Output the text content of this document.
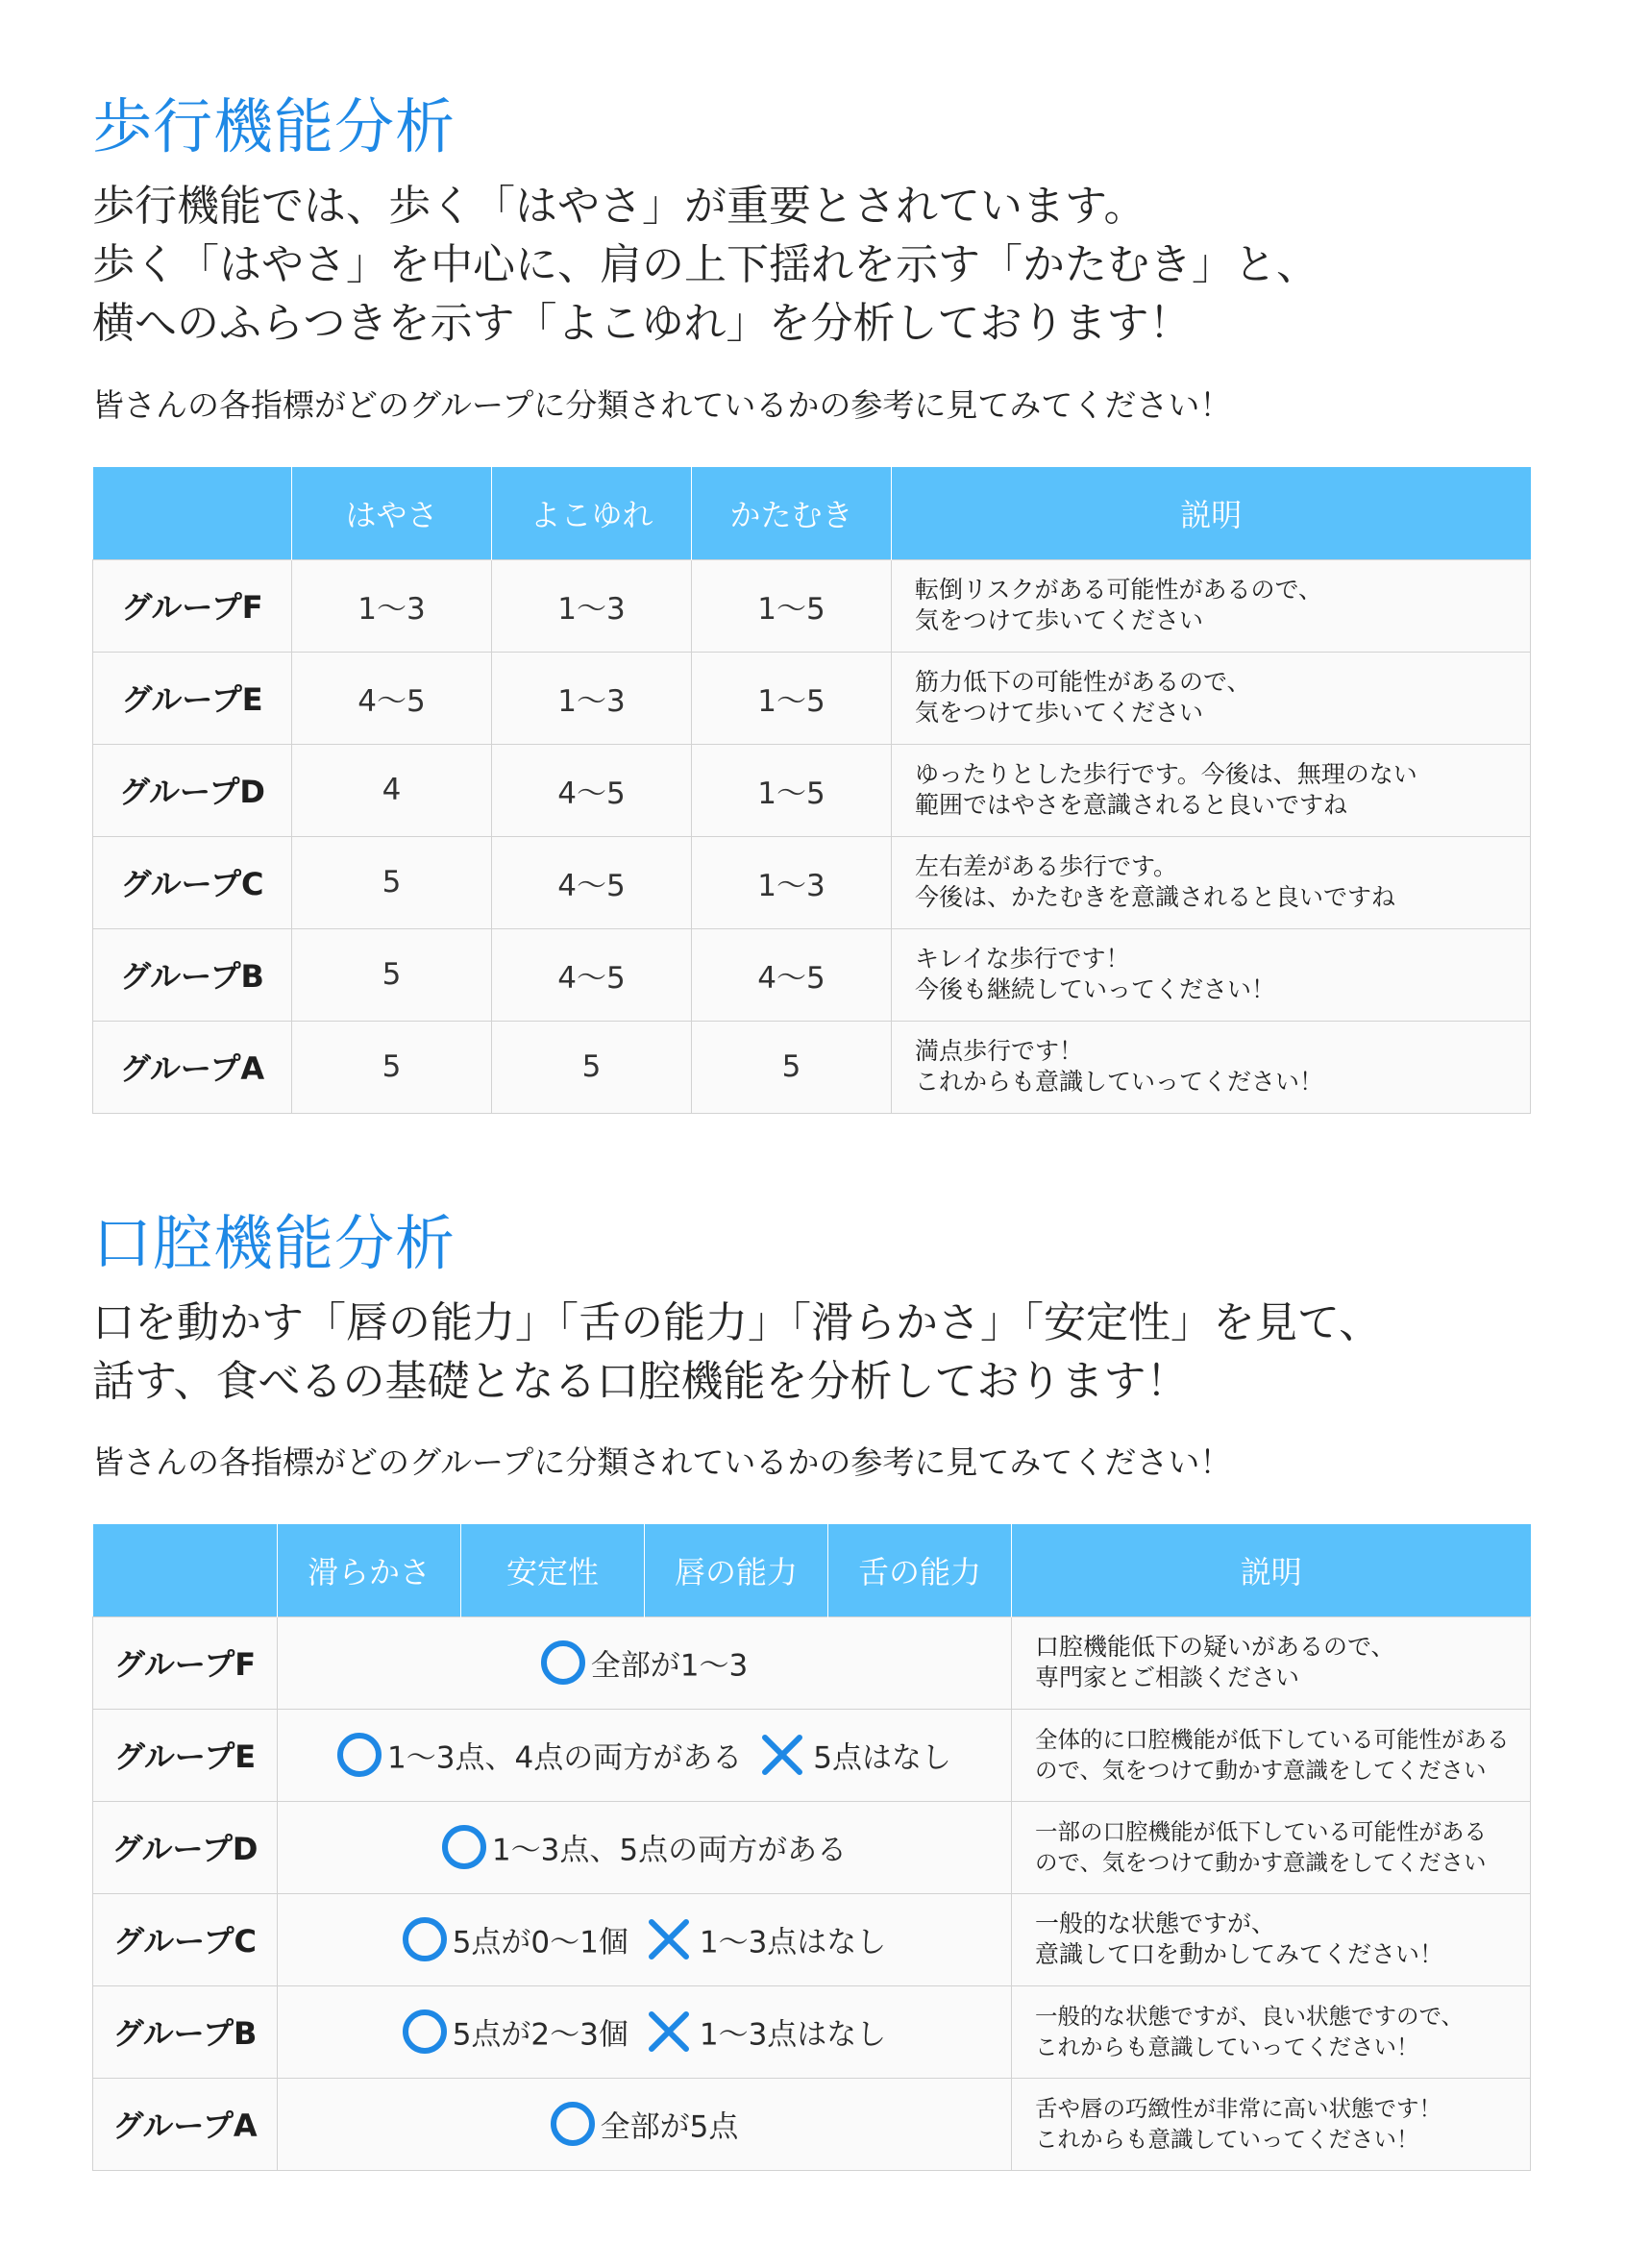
歩行機能分析
歩行機能では、歩く「はやさ」が重要とされています。
歩く「はやさ」を中心に、肩の上下揺れを示す「かたむき」と、
横へのふらつきを示す「よこゆれ」を分析しております！
皆さんの各指標がどのグループに分類されているかの参考に見てみてください！
	はやさ	よこゆれ	かたむき	説明
グループF	1〜3	1〜3	1〜5	転倒リスクがある可能性があるので、
気をつけて歩いてください

グループE	4〜5	1〜3	1〜5	筋力低下の可能性があるので、
気をつけて歩いてください

グループD	4	4〜5	1〜5	ゆったりとした歩行です。今後は、無理のない
範囲ではやさを意識されると良いですね

グループC	5	4〜5	1〜3	左右差がある歩行です。
今後は、かたむきを意識されると良いですね

グループB	5	4〜5	4〜5	キレイな歩行です！
今後も継続していってください！

グループA	5	5	5	満点歩行です！
これからも意識していってください！
口腔機能分析
口を動かす「唇の能力」「舌の能力」「滑らかさ」「安定性」を見て、
話す、食べるの基礎となる口腔機能を分析しております！
皆さんの各指標がどのグループに分類されているかの参考に見てみてください！
	滑らかさ	安定性	唇の能力	舌の能力	説明
グループF	全部が1〜3				口腔機能低下の疑いがあるので、
専門家とご相談ください

グループE	1〜3点、4点の両方がある 5点はなし				全体的に口腔機能が低下している可能性がある
ので、気をつけて動かす意識をしてください

グループD	1〜3点、5点の両方がある				一部の口腔機能が低下している可能性がある
ので、気をつけて動かす意識をしてください

グループC	5点が0〜1個 1〜3点はなし				一般的な状態ですが、
意識して口を動かしてみてください！

グループB	5点が2〜3個 1〜3点はなし				一般的な状態ですが、良い状態ですので、
これからも意識していってください！

グループA	全部が5点				舌や唇の巧緻性が非常に高い状態です！
これからも意識していってください！
